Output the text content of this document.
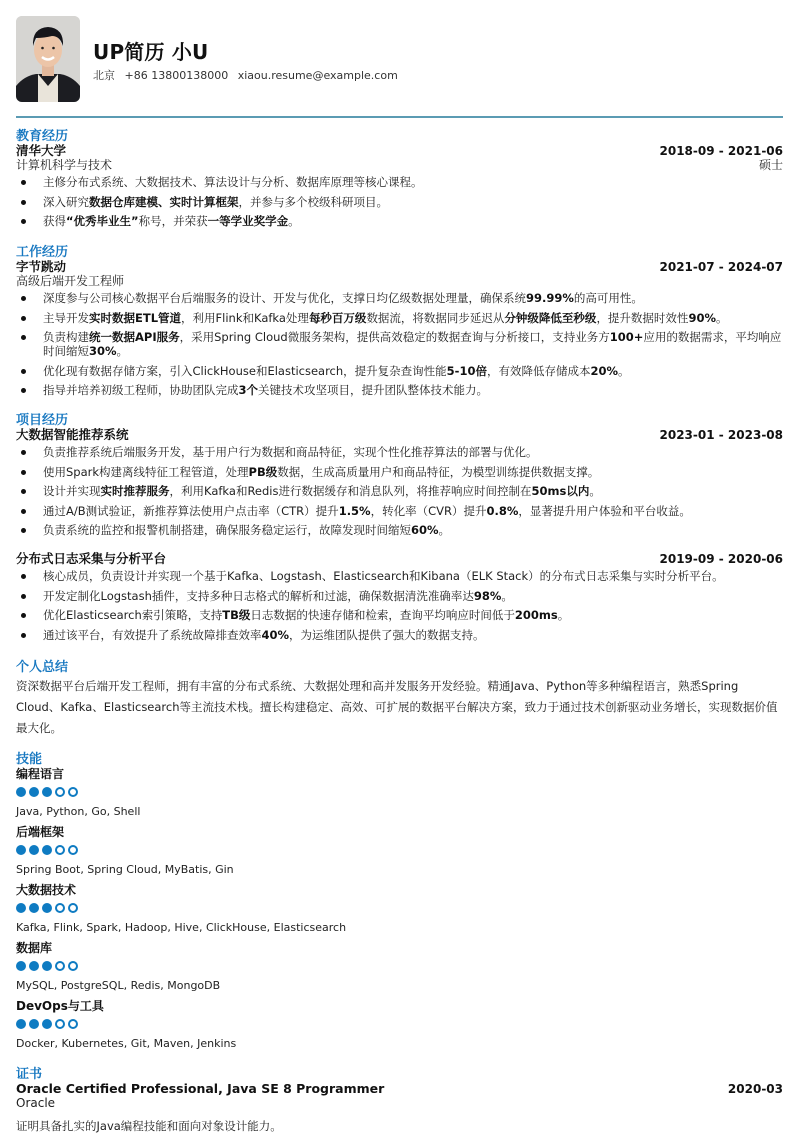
UP简历 小U
北京 +86 13800138000 xiaou.resume@example.com
教育经历
清华大学	2018-09 - 2021-06
计算机科学与技术	硕士
主修分布式系统、大数据技术、算法设计与分析、数据库原理等核心课程。
深入研究数据仓库建模、实时计算框架，并参与多个校级科研项目。
获得“优秀毕业生”称号，并荣获一等学业奖学金。
工作经历
字节跳动	2021-07 - 2024-07
高级后端开发工程师
深度参与公司核心数据平台后端服务的设计、开发与优化，支撑日均亿级数据处理量，确保系统99.99%的高可用性。
主导开发实时数据ETL管道，利用Flink和Kafka处理每秒百万级数据流，将数据同步延迟从分钟级降低至秒级，提升数据时效性90%。
负责构建统一数据API服务，采用Spring Cloud微服务架构，提供高效稳定的数据查询与分析接口，支持业务方100+应用的数据需求，平均响应时间缩短30%。
优化现有数据存储方案，引入ClickHouse和Elasticsearch，提升复杂查询性能5-10倍，有效降低存储成本20%。
指导并培养初级工程师，协助团队完成3个关键技术攻坚项目，提升团队整体技术能力。
项目经历
大数据智能推荐系统	2023-01 - 2023-08
负责推荐系统后端服务开发，基于用户行为数据和商品特征，实现个性化推荐算法的部署与优化。
使用Spark构建离线特征工程管道，处理PB级数据，生成高质量用户和商品特征，为模型训练提供数据支撑。
设计并实现实时推荐服务，利用Kafka和Redis进行数据缓存和消息队列，将推荐响应时间控制在50ms以内。
通过A/B测试验证，新推荐算法使用户点击率（CTR）提升1.5%，转化率（CVR）提升0.8%，显著提升用户体验和平台收益。
负责系统的监控和报警机制搭建，确保服务稳定运行，故障发现时间缩短60%。
分布式日志采集与分析平台	2019-09 - 2020-06
核心成员，负责设计并实现一个基于Kafka、Logstash、Elasticsearch和Kibana（ELK Stack）的分布式日志采集与实时分析平台。
开发定制化Logstash插件，支持多种日志格式的解析和过滤，确保数据清洗准确率达98%。
优化Elasticsearch索引策略，支持TB级日志数据的快速存储和检索，查询平均响应时间低于200ms。
通过该平台，有效提升了系统故障排查效率40%，为运维团队提供了强大的数据支持。
个人总结
资深数据平台后端开发工程师，拥有丰富的分布式系统、大数据处理和高并发服务开发经验。精通Java、Python等多种编程语言，熟悉Spring Cloud、Kafka、Elasticsearch等主流技术栈。擅长构建稳定、高效、可扩展的数据平台解决方案，致力于通过技术创新驱动业务增长，实现数据价值最大化。
技能
编程语言
Java, Python, Go, Shell
后端框架
Spring Boot, Spring Cloud, MyBatis, Gin
大数据技术
Kafka, Flink, Spark, Hadoop, Hive, ClickHouse, Elasticsearch
数据库
MySQL, PostgreSQL, Redis, MongoDB
DevOps与工具
Docker, Kubernetes, Git, Maven, Jenkins
证书
Oracle Certified Professional, Java SE 8 Programmer	2020-03
Oracle
证明具备扎实的Java编程技能和面向对象设计能力。
